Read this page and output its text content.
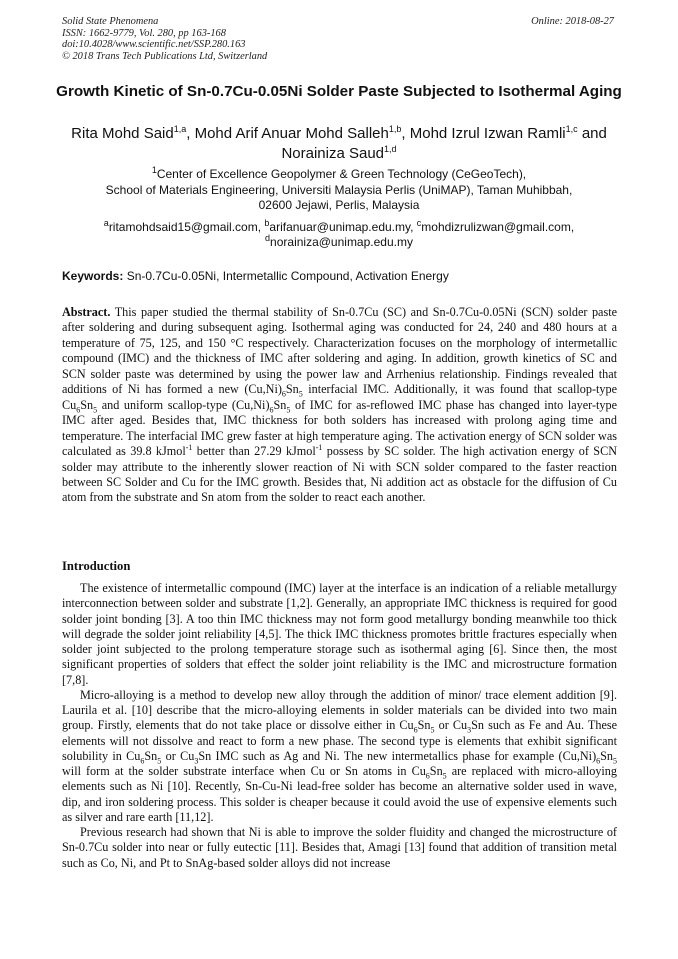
Solid State Phenomena
ISSN: 1662-9779, Vol. 280, pp 163-168
doi:10.4028/www.scientific.net/SSP.280.163
© 2018 Trans Tech Publications Ltd, Switzerland
Online: 2018-08-27
Growth Kinetic of Sn-0.7Cu-0.05Ni Solder Paste Subjected to Isothermal Aging
Rita Mohd Said$^{1,a}$, Mohd Arif Anuar Mohd Salleh$^{1,b}$, Mohd Izrul Izwan Ramli$^{1,c}$ and Norainiza Saud$^{1,d}$
$^1$Center of Excellence Geopolymer & Green Technology (CeGeoTech),
School of Materials Engineering, Universiti Malaysia Perlis (UniMAP), Taman Muhibbah,
02600 Jejawi, Perlis, Malaysia
$^a$ritamohdsaid15@gmail.com, $^b$arifanuar@unimap.edu.my, $^c$mohdizrulizwan@gmail.com,
$^d$norainiza@unimap.edu.my
Keywords: Sn-0.7Cu-0.05Ni, Intermetallic Compound, Activation Energy
Abstract. This paper studied the thermal stability of Sn-0.7Cu (SC) and Sn-0.7Cu-0.05Ni (SCN) solder paste after soldering and during subsequent aging. Isothermal aging was conducted for 24, 240 and 480 hours at a temperature of 75, 125, and 150 °C respectively. Characterization focuses on the morphology of intermetallic compound (IMC) and the thickness of IMC after soldering and aging. In addition, growth kinetics of SC and SCN solder paste was determined by using the power law and Arrhenius relationship. Findings revealed that additions of Ni has formed a new $(Cu,Ni)_6Sn_5$ interfacial IMC. Additionally, it was found that scallop-type $Cu_6Sn_5$ and uniform scallop-type $(Cu,Ni)_6Sn_5$ of IMC for as-reflowed IMC phase has changed into layer-type IMC after aged. Besides that, IMC thickness for both solders has increased with prolong aging time and temperature. The interfacial IMC grew faster at high temperature aging. The activation energy of SCN solder was calculated as 39.8 kJmol$^{-1}$ better than 27.29 kJmol$^{-1}$ possess by SC solder. The high activation energy of SCN solder may attribute to the inherently slower reaction of Ni with SCN solder compared to the faster reaction between SC Solder and Cu for the IMC growth. Besides that, Ni addition act as obstacle for the diffusion of Cu atom from the substrate and Sn atom from the solder to react each another.
Introduction

The existence of intermetallic compound (IMC) layer at the interface is an indication of a reliable metallurgy interconnection between solder and substrate [1,2]. Generally, an appropriate IMC thickness is required for good solder joint bonding [3]. A too thin IMC thickness may not form good metallurgy bonding meanwhile too thick will degrade the solder joint reliability [4,5]. The thick IMC thickness promotes brittle fractures especially when solder joint subjected to the prolong temperature storage such as isothermal aging [6]. Since then, the most significant properties of solders that effect the solder joint reliability is the IMC and microstructure formation [7,8].

Micro-alloying is a method to develop new alloy through the addition of minor/ trace element addition [9]. Laurila et al. [10] describe that the micro-alloying elements in solder materials can be divided into two main group. Firstly, elements that do not take place or dissolve either in $Cu_6Sn_5$ or $Cu_3Sn$ such as Fe and Au. These elements will not dissolve and react to form a new phase. The second type is elements that exhibit significant solubility in $Cu_6Sn_5$ or $Cu_3Sn$ IMC such as Ag and Ni. The new intermetallics phase for example $(Cu,Ni)_6Sn_5$ will form at the solder substrate interface when Cu or Sn atoms in $Cu_6Sn_5$ are replaced with micro-alloying elements such as Ni [10]. Recently, Sn-Cu-Ni lead-free solder has become an alternative solder used in wave, dip, and iron soldering process. This solder is cheaper because it could avoid the use of expensive elements such as silver and rare earth [11,12].

Previous research had shown that Ni is able to improve the solder fluidity and changed the microstructure of Sn-0.7Cu solder into near or fully eutectic [11]. Besides that, Amagi [13] found that addition of transition metal such as Co, Ni, and Pt to SnAg-based solder alloys did not increase
